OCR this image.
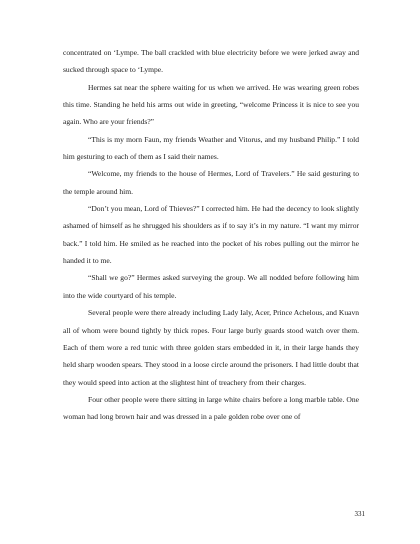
concentrated on ‘Lympe. The ball crackled with blue electricity before we were jerked away and sucked through space to ‘Lympe.

Hermes sat near the sphere waiting for us when we arrived. He was wearing green robes this time. Standing he held his arms out wide in greeting, “welcome Princess it is nice to see you again. Who are your friends?”

“This is my morn Faun, my friends Weather and Vitorus, and my husband Philip.” I told him gesturing to each of them as I said their names.

“Welcome, my friends to the house of Hermes, Lord of Travelers.” He said gesturing to the temple around him.

“Don’t you mean, Lord of Thieves?” I corrected him. He had the decency to look slightly ashamed of himself as he shrugged his shoulders as if to say it’s in my nature. “I want my mirror back.” I told him. He smiled as he reached into the pocket of his robes pulling out the mirror he handed it to me.

“Shall we go?” Hermes asked surveying the group. We all nodded before following him into the wide courtyard of his temple.

Several people were there already including Lady Ialy, Acer, Prince Achelous, and Kuavn all of whom were bound tightly by thick ropes. Four large burly guards stood watch over them. Each of them wore a red tunic with three golden stars embedded in it, in their large hands they held sharp wooden spears. They stood in a loose circle around the prisoners. I had little doubt that they would speed into action at the slightest hint of treachery from their charges.

Four other people were there sitting in large white chairs before a long marble table. One woman had long brown hair and was dressed in a pale golden robe over one of

331
